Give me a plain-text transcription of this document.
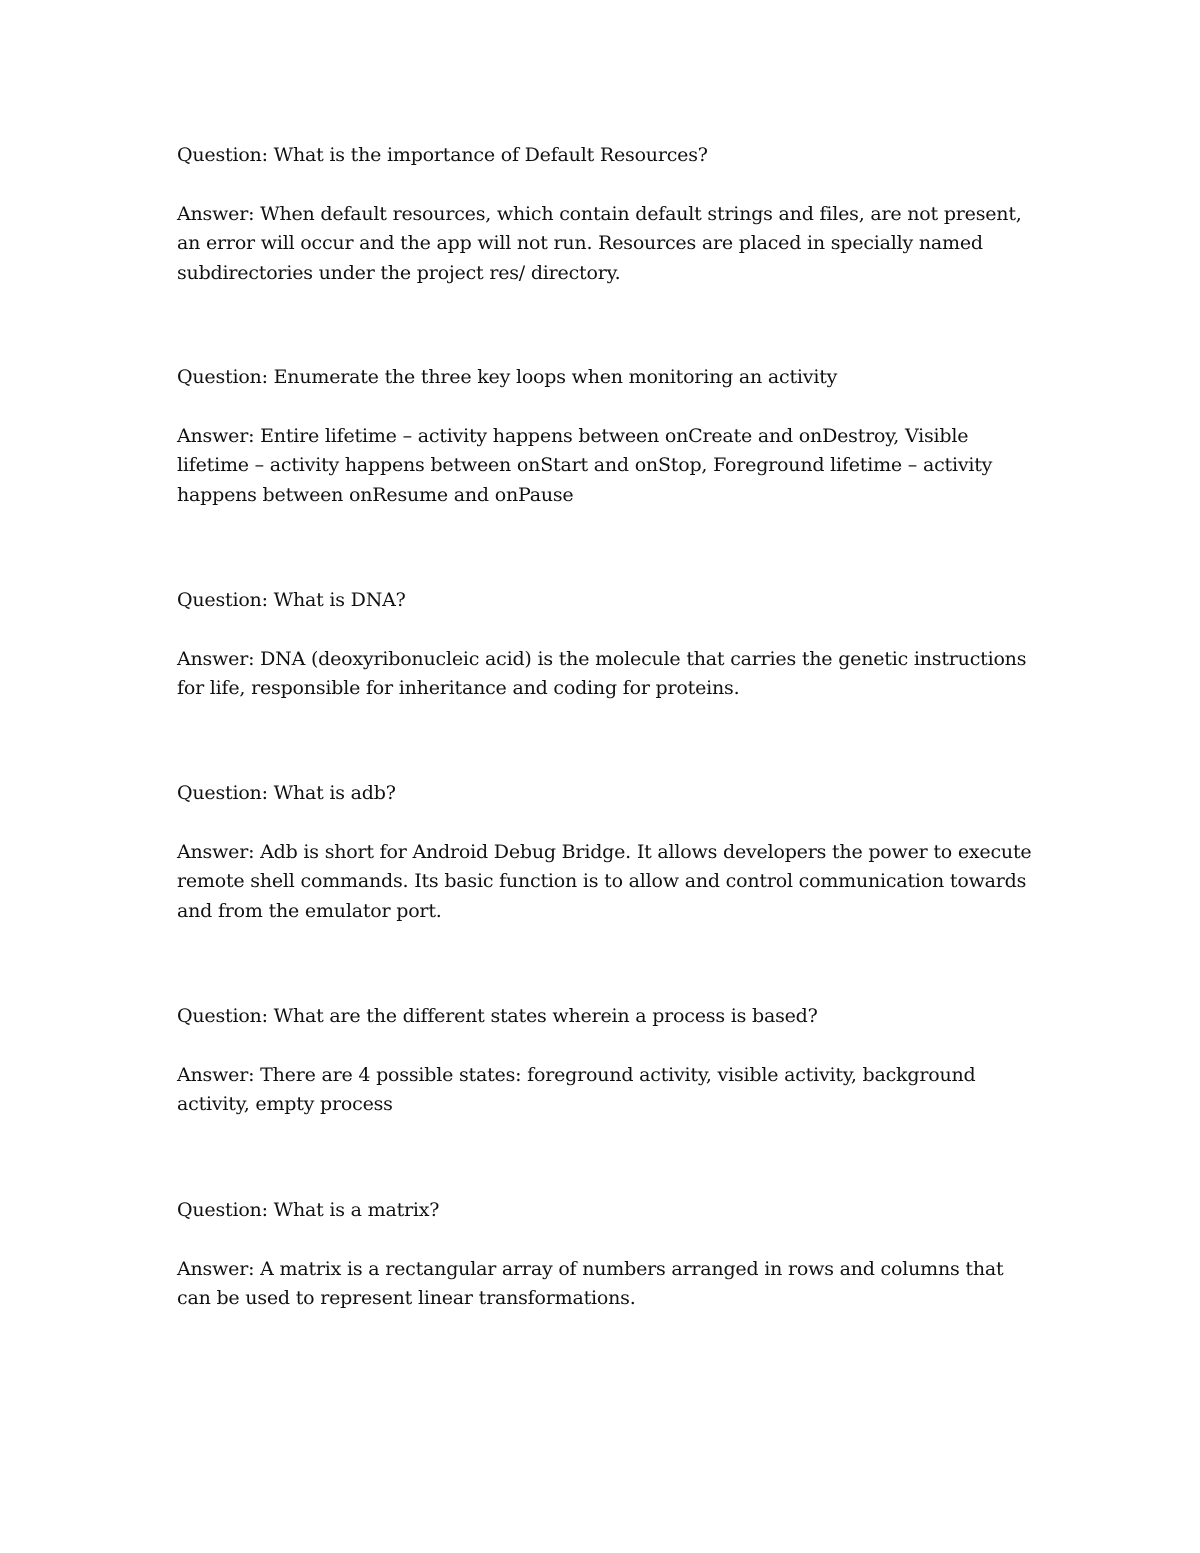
Question: What is the importance of Default Resources?

Answer: When default resources, which contain default strings and files, are not present, an error will occur and the app will not run. Resources are placed in specially named subdirectories under the project res/ directory.

Question: Enumerate the three key loops when monitoring an activity

Answer: Entire lifetime – activity happens between onCreate and onDestroy, Visible lifetime – activity happens between onStart and onStop, Foreground lifetime – activity happens between onResume and onPause

Question: What is DNA?

Answer: DNA (deoxyribonucleic acid) is the molecule that carries the genetic instructions for life, responsible for inheritance and coding for proteins.

Question: What is adb?

Answer: Adb is short for Android Debug Bridge. It allows developers the power to execute remote shell commands. Its basic function is to allow and control communication towards and from the emulator port.

Question: What are the different states wherein a process is based?

Answer: There are 4 possible states: foreground activity, visible activity, background activity, empty process

Question: What is a matrix?

Answer: A matrix is a rectangular array of numbers arranged in rows and columns that can be used to represent linear transformations.
